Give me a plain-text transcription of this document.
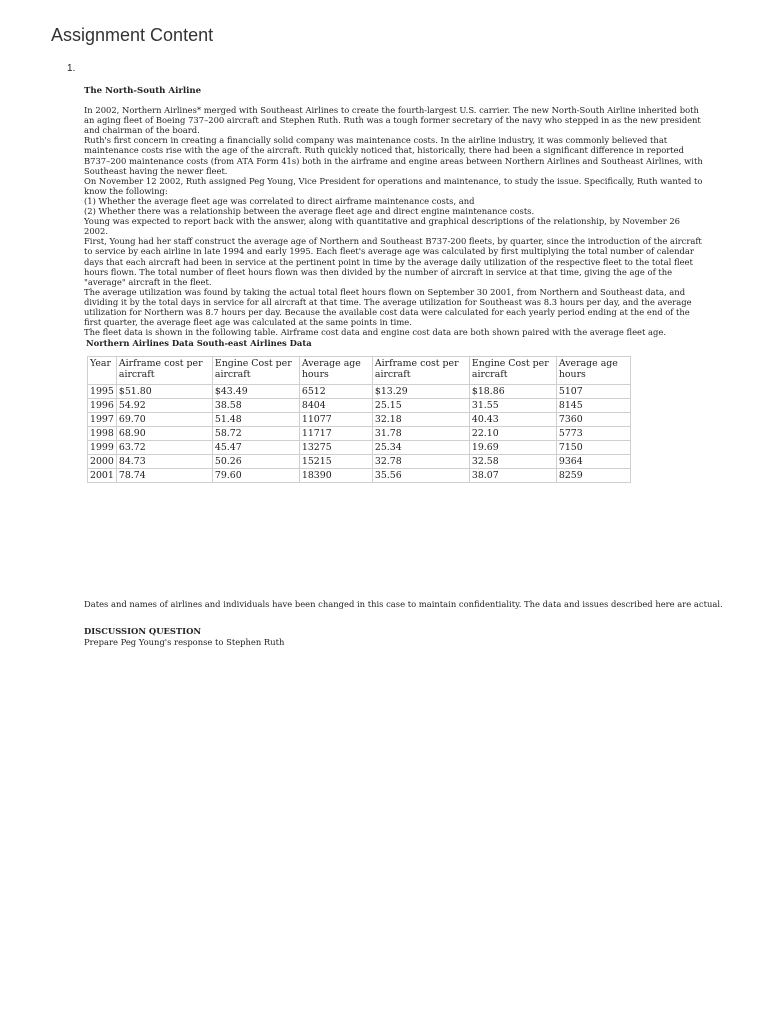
Assignment Content
1.

The North-South Airline

In 2002, Northern Airlines* merged with Southeast Airlines to create the fourth-largest U.S. carrier. The new North-South Airline inherited both an aging fleet of Boeing 737–200 aircraft and Stephen Ruth. Ruth was a tough former secretary of the navy who stepped in as the new president and chairman of the board.

Ruth's first concern in creating a financially solid company was maintenance costs. In the airline industry, it was commonly believed that maintenance costs rise with the age of the aircraft. Ruth quickly noticed that, historically, there had been a significant difference in reported B737–200 maintenance costs (from ATA Form 41s) both in the airframe and engine areas between Northern Airlines and Southeast Airlines, with Southeast having the newer fleet.

On November 12 2002, Ruth assigned Peg Young, Vice President for operations and maintenance, to study the issue. Specifically, Ruth wanted to know the following:

(1) Whether the average fleet age was correlated to direct airframe maintenance costs, and

(2) Whether there was a relationship between the average fleet age and direct engine maintenance costs.

Young was expected to report back with the answer, along with quantitative and graphical descriptions of the relationship, by November 26 2002.

First, Young had her staff construct the average age of Northern and Southeast B737-200 fleets, by quarter, since the introduction of the aircraft to service by each airline in late 1994 and early 1995. Each fleet's average age was calculated by first multiplying the total number of calendar days that each aircraft had been in service at the pertinent point in time by the average daily utilization of the respective fleet to the total fleet hours flown. The total number of fleet hours flown was then divided by the number of aircraft in service at that time, giving the age of the "average" aircraft in the fleet.

The average utilization was found by taking the actual total fleet hours flown on September 30 2001, from Northern and Southeast data, and dividing it by the total days in service for all aircraft at that time. The average utilization for Southeast was 8.3 hours per day, and the average utilization for Northern was 8.7 hours per day. Because the available cost data were calculated for each yearly period ending at the end of the first quarter, the average fleet age was calculated at the same points in time.

The fleet data is shown in the following table. Airframe cost data and engine cost data are both shown paired with the average fleet age.

Northern Airlines Data South-east Airlines Data

Year	Airframe cost per aircraft	Engine Cost per aircraft	Average age hours	Airframe cost per aircraft	Engine Cost per aircraft	Average age hours
1995	$51.80	$43.49	6512	$13.29	$18.86	5107
1996	54.92	38.58	8404	25.15	31.55	8145
1997	69.70	51.48	11077	32.18	40.43	7360
1998	68.90	58.72	11717	31.78	22.10	5773
1999	63.72	45.47	13275	25.34	19.69	7150
2000	84.73	50.26	15215	32.78	32.58	9364
2001	78.74	79.60	18390	35.56	38.07	8259

Dates and names of airlines and individuals have been changed in this case to maintain confidentiality. The data and issues described here are actual.

DISCUSSION QUESTION

Prepare Peg Young's response to Stephen Ruth
